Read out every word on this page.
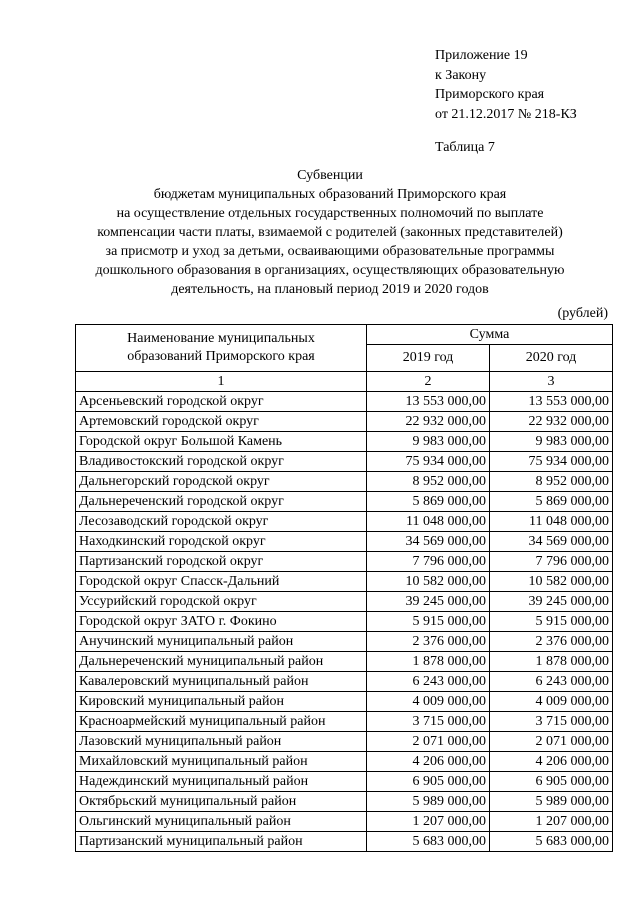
Приложение 19
к Закону
Приморского края
от 21.12.2017 № 218-КЗ
Таблица 7
Субвенции
бюджетам муниципальных образований Приморского края
на осуществление отдельных государственных полномочий по выплате
компенсации части платы, взимаемой с родителей (законных представителей)
за присмотр и уход за детьми, осваивающими образовательные программы
дошкольного образования в организациях, осуществляющих образовательную
деятельность, на плановый период 2019 и 2020 годов
(рублей)
Наименование муниципальных
образований Приморского края	Сумма	
	2019 год	2020 год
1	2	3
Арсеньевский городской округ	13 553 000,00	13 553 000,00
Артемовский городской округ	22 932 000,00	22 932 000,00
Городской округ Большой Камень	9 983 000,00	9 983 000,00
Владивостокский городской округ	75 934 000,00	75 934 000,00
Дальнегорский городской округ	8 952 000,00	8 952 000,00
Дальнереченский городской округ	5 869 000,00	5 869 000,00
Лесозаводский городской округ	11 048 000,00	11 048 000,00
Находкинский городской округ	34 569 000,00	34 569 000,00
Партизанский городской округ	7 796 000,00	7 796 000,00
Городской округ Спасск-Дальний	10 582 000,00	10 582 000,00
Уссурийский городской округ	39 245 000,00	39 245 000,00
Городской округ ЗАТО г. Фокино	5 915 000,00	5 915 000,00
Анучинский муниципальный район	2 376 000,00	2 376 000,00
Дальнереченский муниципальный район	1 878 000,00	1 878 000,00
Кавалеровский муниципальный район	6 243 000,00	6 243 000,00
Кировский муниципальный район	4 009 000,00	4 009 000,00
Красноармейский муниципальный район	3 715 000,00	3 715 000,00
Лазовский муниципальный район	2 071 000,00	2 071 000,00
Михайловский муниципальный район	4 206 000,00	4 206 000,00
Надеждинский муниципальный район	6 905 000,00	6 905 000,00
Октябрьский муниципальный район	5 989 000,00	5 989 000,00
Ольгинский муниципальный район	1 207 000,00	1 207 000,00
Партизанский муниципальный район	5 683 000,00	5 683 000,00
